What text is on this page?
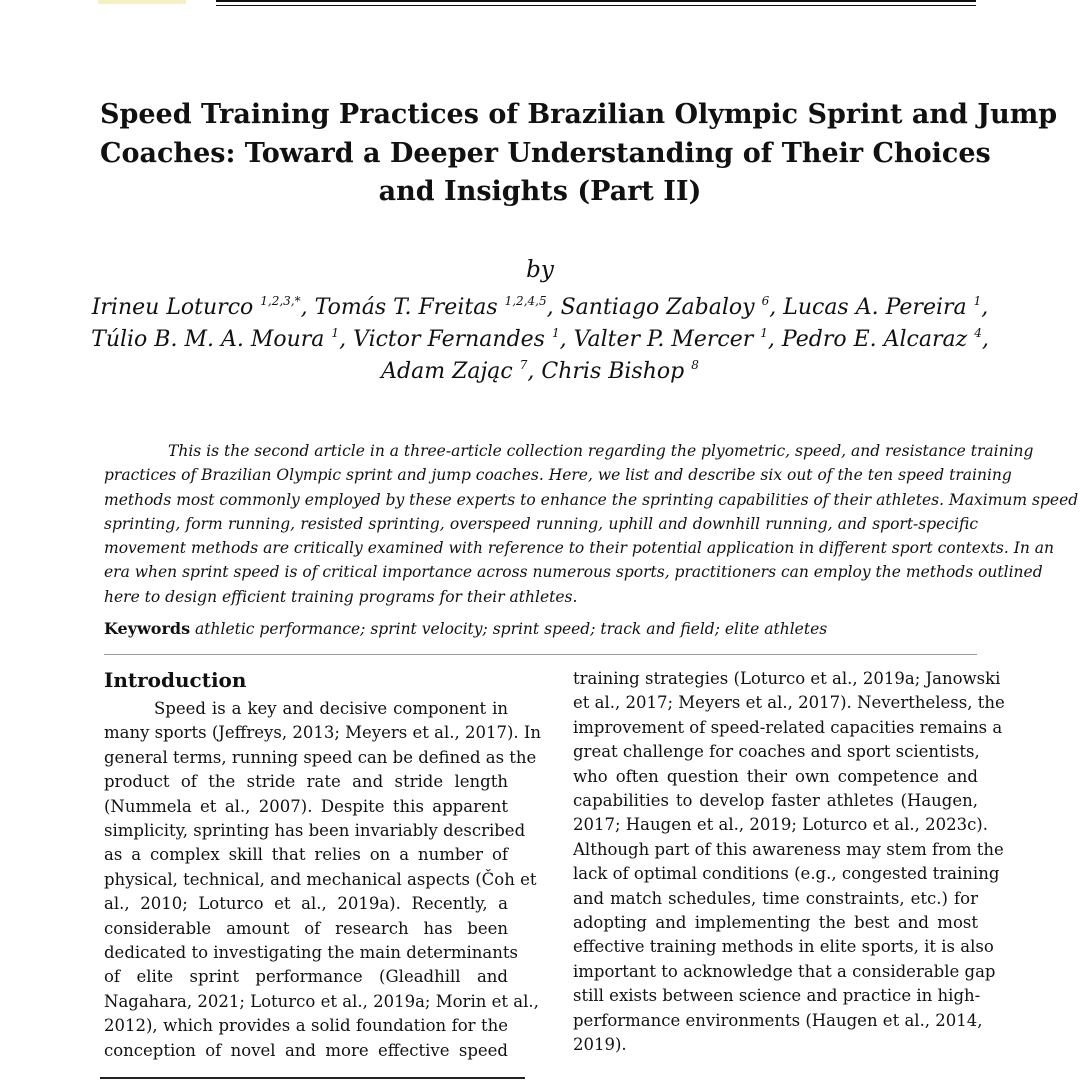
Speed Training Practices of Brazilian Olympic Sprint and Jump
Coaches: Toward a Deeper Understanding of Their Choices
and Insights (Part II)
by
Irineu Loturco $^{1,2,3,*}$, Tomás T. Freitas $^{1,2,4,5}$, Santiago Zabaloy $^6$, Lucas A. Pereira $^1$,
Túlio B. M. A. Moura $^1$, Victor Fernandes $^1$, Valter P. Mercer $^1$, Pedro E. Alcaraz $^4$,
Adam Zając $^7$, Chris Bishop $^8$
This is the second article in a three-article collection regarding the plyometric, speed, and resistance training
practices of Brazilian Olympic sprint and jump coaches. Here, we list and describe six out of the ten speed training
methods most commonly employed by these experts to enhance the sprinting capabilities of their athletes. Maximum speed
sprinting, form running, resisted sprinting, overspeed running, uphill and downhill running, and sport-specific
movement methods are critically examined with reference to their potential application in different sport contexts. In an
era when sprint speed is of critical importance across numerous sports, practitioners can employ the methods outlined
here to design efficient training programs for their athletes.
Keywords athletic performance; sprint velocity; sprint speed; track and field; elite athletes
Introduction
Speed is a key and decisive component in
many sports (Jeffreys, 2013; Meyers et al., 2017). In
general terms, running speed can be defined as the
product of the stride rate and stride length
(Nummela et al., 2007). Despite this apparent
simplicity, sprinting has been invariably described
as a complex skill that relies on a number of
physical, technical, and mechanical aspects (Čoh et
al., 2010; Loturco et al., 2019a). Recently, a
considerable amount of research has been
dedicated to investigating the main determinants
of elite sprint performance (Gleadhill and
Nagahara, 2021; Loturco et al., 2019a; Morin et al.,
2012), which provides a solid foundation for the
conception of novel and more effective speed
training strategies (Loturco et al., 2019a; Janowski
et al., 2017; Meyers et al., 2017). Nevertheless, the
improvement of speed-related capacities remains a
great challenge for coaches and sport scientists,
who often question their own competence and
capabilities to develop faster athletes (Haugen,
2017; Haugen et al., 2019; Loturco et al., 2023c).
Although part of this awareness may stem from the
lack of optimal conditions (e.g., congested training
and match schedules, time constraints, etc.) for
adopting and implementing the best and most
effective training methods in elite sports, it is also
important to acknowledge that a considerable gap
still exists between science and practice in high-
performance environments (Haugen et al., 2014,
2019).
